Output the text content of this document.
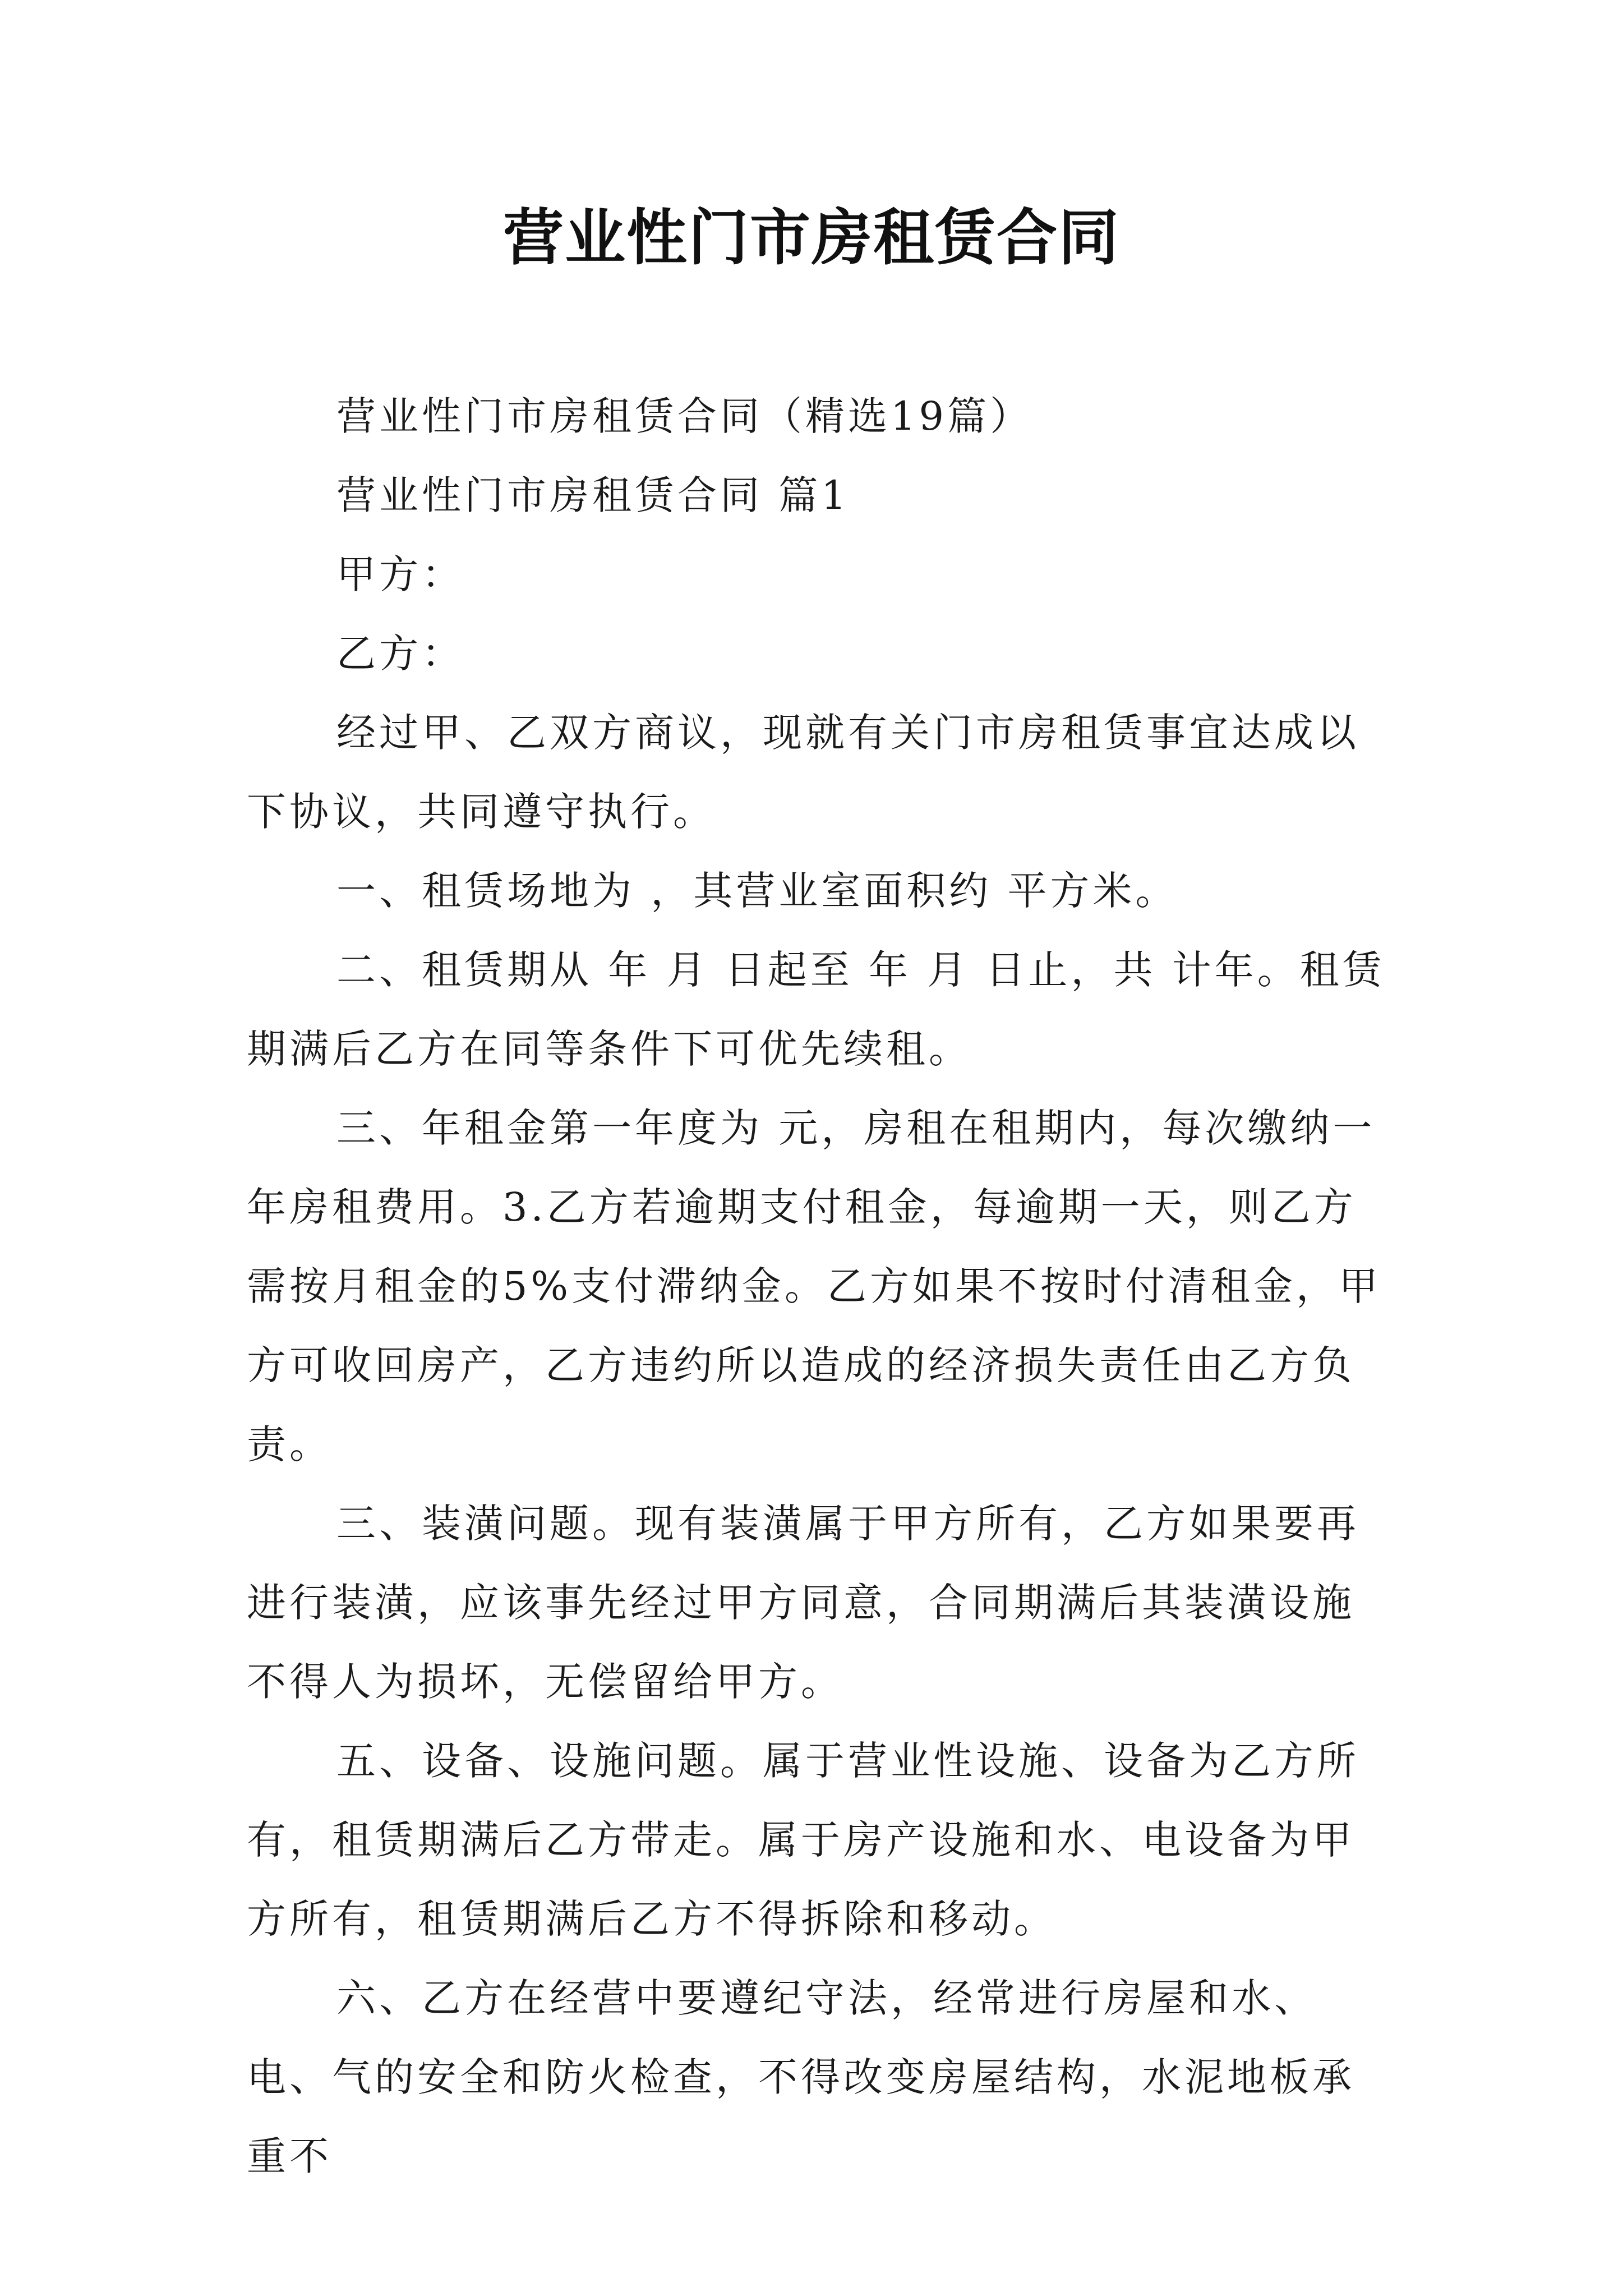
营业性门市房租赁合同

营业性门市房租赁合同（精选19篇）

营业性门市房租赁合同 篇1

甲方：

乙方：

经过甲、乙双方商议，现就有关门市房租赁事宜达成以下协议，共同遵守执行。

一、租赁场地为 ，其营业室面积约 平方米。

二、租赁期从 年 月 日起至 年 月 日止，共 计年。租赁期满后乙方在同等条件下可优先续租。

三、年租金第一年度为 元，房租在租期内，每次缴纳一年房租费用。3.乙方若逾期支付租金，每逾期一天，则乙方需按月租金的5%支付滞纳金。乙方如果不按时付清租金，甲方可收回房产，乙方违约所以造成的经济损失责任由乙方负责。

三、装潢问题。现有装潢属于甲方所有，乙方如果要再进行装潢，应该事先经过甲方同意，合同期满后其装潢设施不得人为损坏，无偿留给甲方。

五、设备、设施问题。属于营业性设施、设备为乙方所有，租赁期满后乙方带走。属于房产设施和水、电设备为甲方所有，租赁期满后乙方不得拆除和移动。

六、乙方在经营中要遵纪守法，经常进行房屋和水、电、气的安全和防火检查，不得改变房屋结构，水泥地板承重不
